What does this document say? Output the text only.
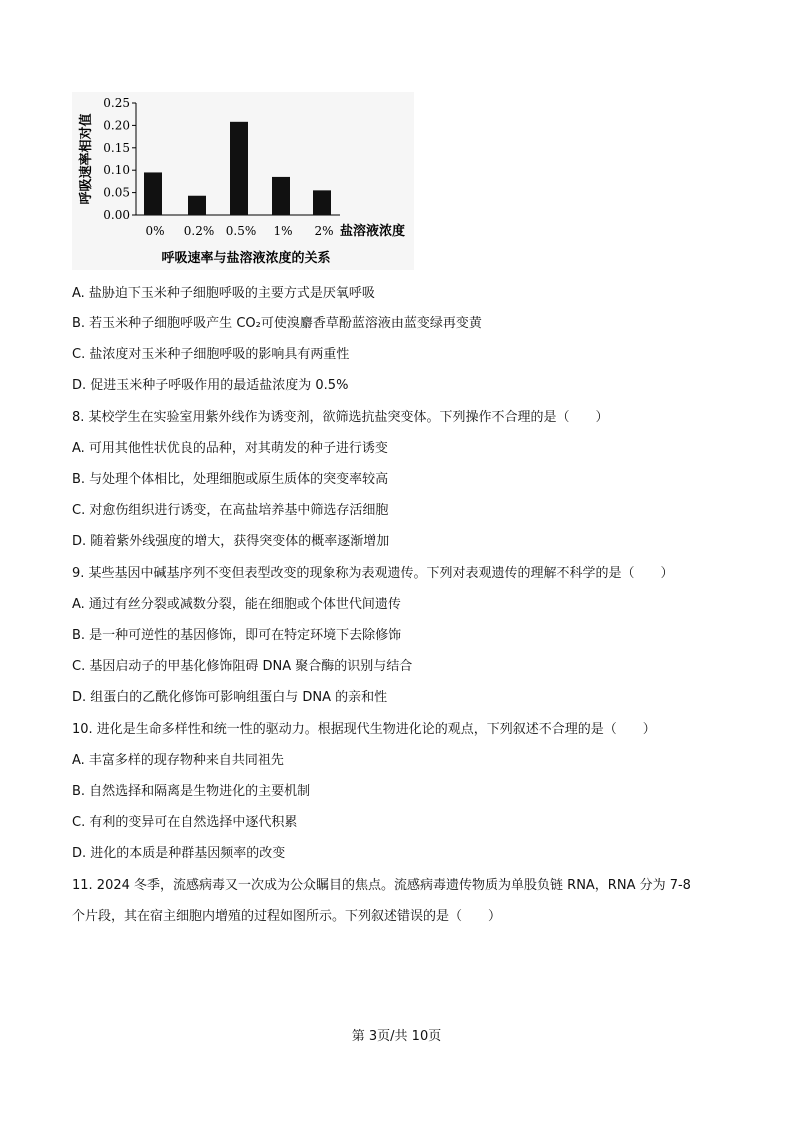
0.25
0.20
0.15
0.10
0.05
0.00
呼吸速率相对值
0% 0.2% 0.5% 1% 2% 盐溶液浓度
呼吸速率与盐溶液浓度的关系
A. 盐胁迫下玉米种子细胞呼吸的主要方式是厌氧呼吸
B. 若玉米种子细胞呼吸产生 CO₂可使溴麝香草酚蓝溶液由蓝变绿再变黄
C. 盐浓度对玉米种子细胞呼吸的影响具有两重性
D. 促进玉米种子呼吸作用的最适盐浓度为 0.5%
8. 某校学生在实验室用紫外线作为诱变剂，欲筛选抗盐突变体。下列操作不合理的是（　　）
A. 可用其他性状优良的品种，对其萌发的种子进行诱变
B. 与处理个体相比，处理细胞或原生质体的突变率较高
C. 对愈伤组织进行诱变，在高盐培养基中筛选存活细胞
D. 随着紫外线强度的增大，获得突变体的概率逐渐增加
9. 某些基因中碱基序列不变但表型改变的现象称为表观遗传。下列对表观遗传的理解不科学的是（　　）
A. 通过有丝分裂或减数分裂，能在细胞或个体世代间遗传
B. 是一种可逆性的基因修饰，即可在特定环境下去除修饰
C. 基因启动子的甲基化修饰阻碍 DNA 聚合酶的识别与结合
D. 组蛋白的乙酰化修饰可影响组蛋白与 DNA 的亲和性
10. 进化是生命多样性和统一性的驱动力。根据现代生物进化论的观点，下列叙述不合理的是（　　）
A. 丰富多样的现存物种来自共同祖先
B. 自然选择和隔离是生物进化的主要机制
C. 有利的变异可在自然选择中逐代积累
D. 进化的本质是种群基因频率的改变
11. 2024 冬季，流感病毒又一次成为公众瞩目的焦点。流感病毒遗传物质为单股负链 RNA，RNA 分为 7-8
个片段，其在宿主细胞内增殖的过程如图所示。下列叙述错误的是（　　）
第 3页/共 10页
